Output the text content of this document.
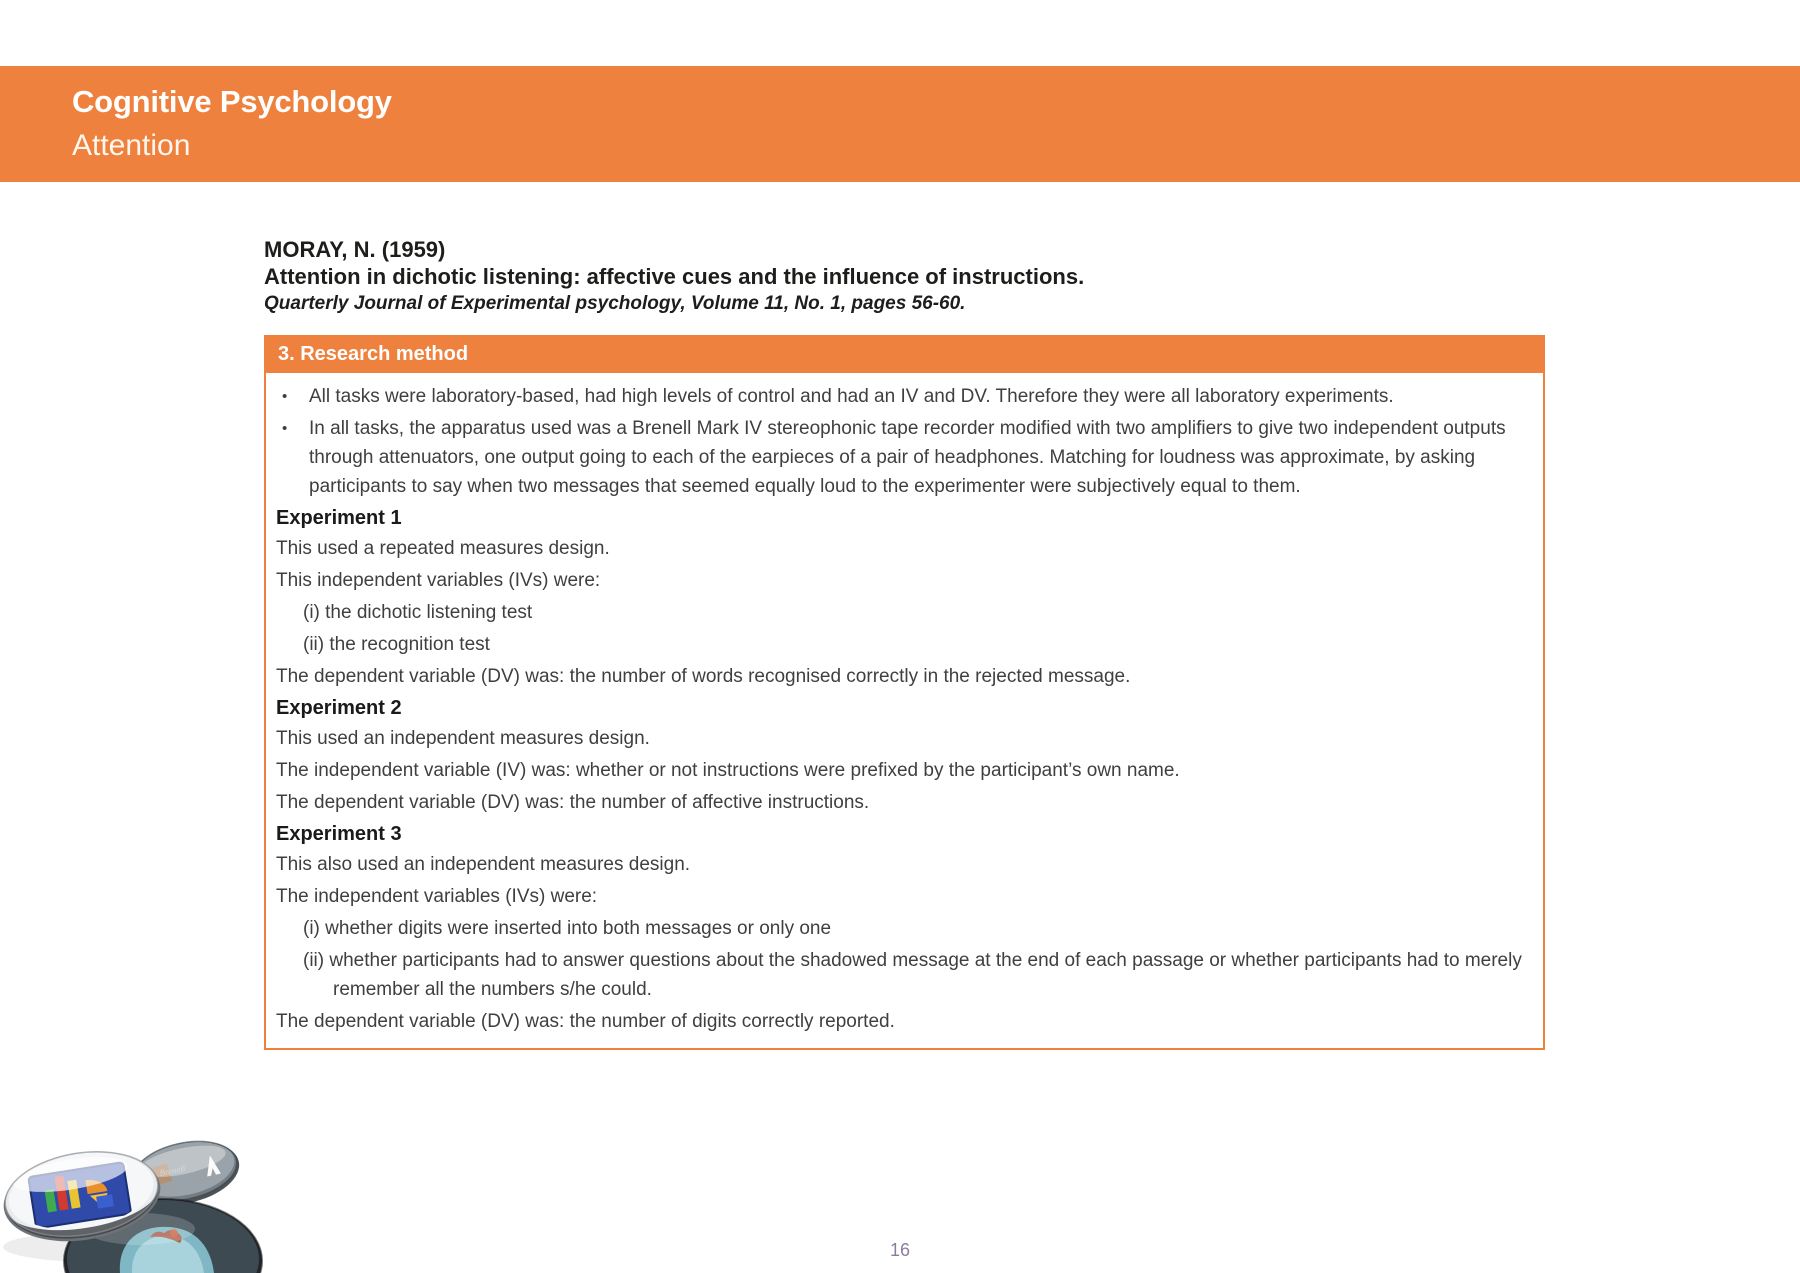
Cognitive Psychology
Attention
MORAY, N. (1959)
Attention in dichotic listening: affective cues and the influence of instructions.
Quarterly Journal of Experimental psychology, Volume 11, No. 1, pages 56-60.
3. Research method
• All tasks were laboratory-based, had high levels of control and had an IV and DV. Therefore they were all laboratory experiments.
• In all tasks, the apparatus used was a Brenell Mark IV stereophonic tape recorder modified with two amplifiers to give two independent outputs through attenuators, one output going to each of the earpieces of a pair of headphones. Matching for loudness was approximate, by asking participants to say when two messages that seemed equally loud to the experimenter were subjectively equal to them.
Experiment 1

This used a repeated measures design.

This independent variables (IVs) were:

(i) the dichotic listening test

(ii) the recognition test

The dependent variable (DV) was: the number of words recognised correctly in the rejected message.

Experiment 2

This used an independent measures design.

The independent variable (IV) was: whether or not instructions were prefixed by the participant’s own name.

The dependent variable (DV) was: the number of affective instructions.

Experiment 3

This also used an independent measures design.

The independent variables (IVs) were:

(i) whether digits were inserted into both messages or only one

(ii) whether participants had to answer questions about the shadowed message at the end of each passage or whether participants had to merely remember all the numbers s/he could.

The dependent variable (DV) was: the number of digits correctly reported.

Brenell
16
